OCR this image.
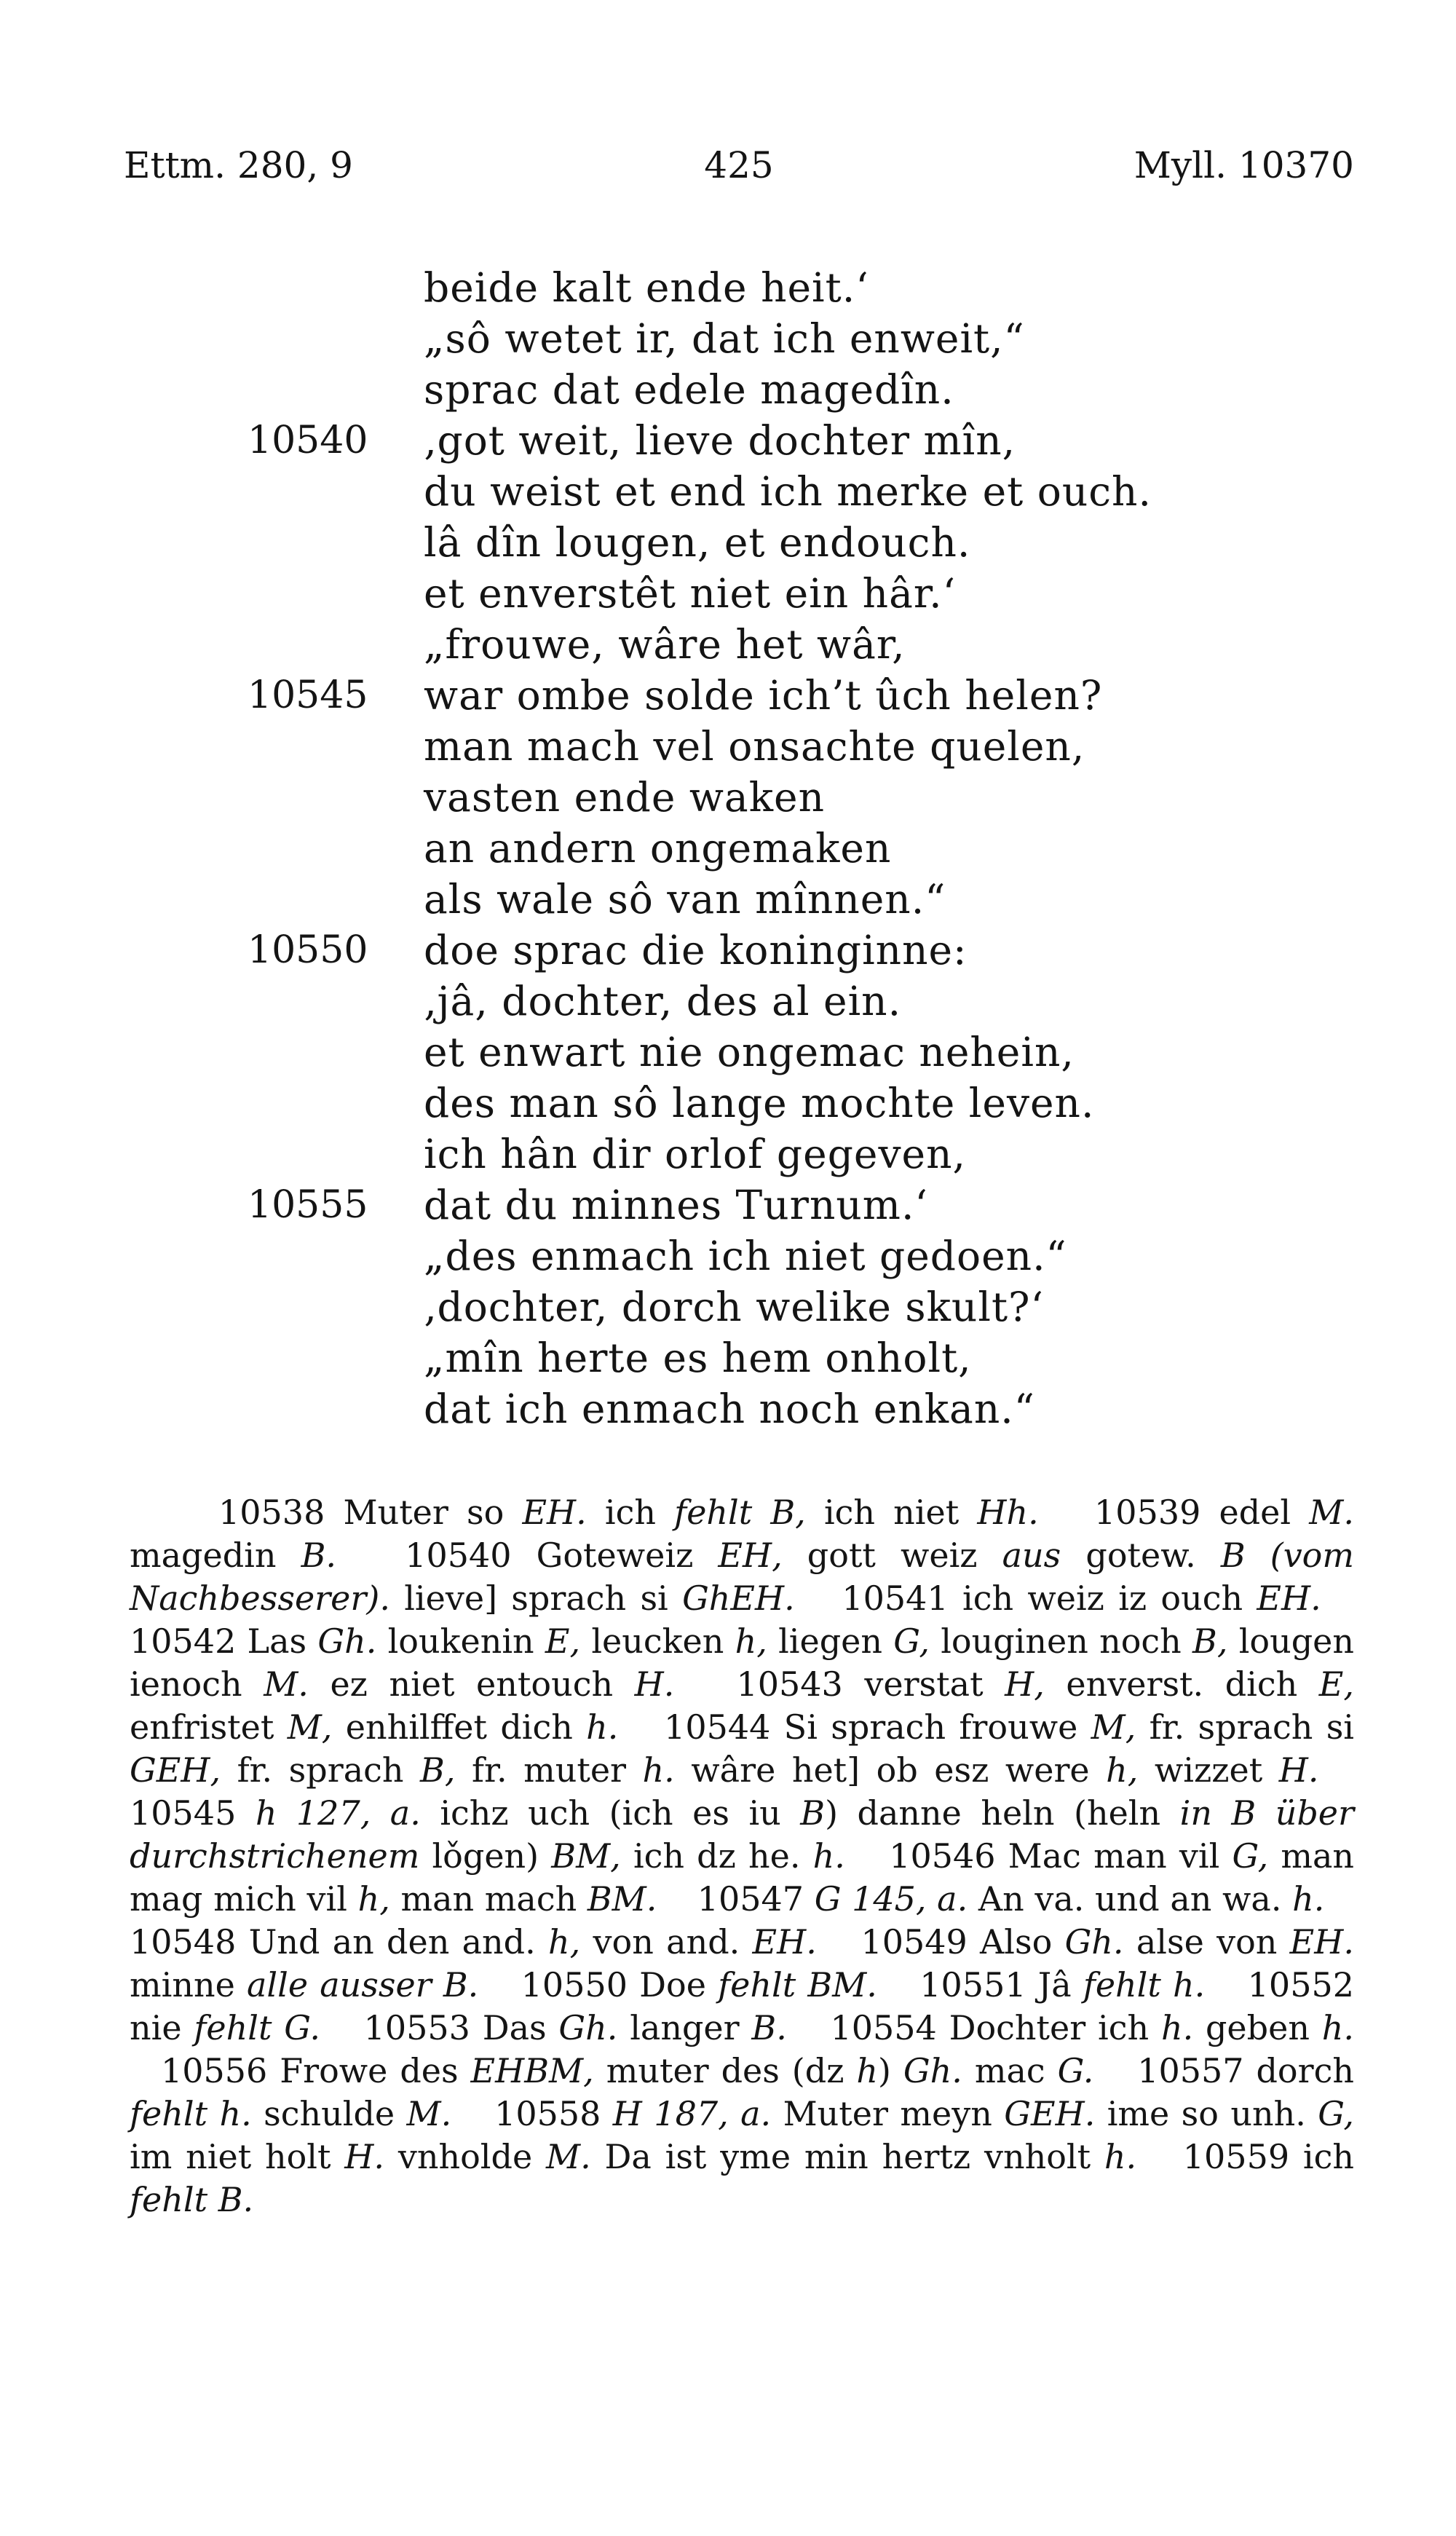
Ettm. 280, 9	425	Myll. 10370
beide kalt ende heit.‘
„sô wetet ir, dat ich enweit,“
sprac dat edele magedîn.
10540 ‚got weit, lieve dochter mîn,
du weist et end ich merke et ouch.
lâ dîn lougen, et endouch.
et enverstêt niet ein hâr.‘
„frouwe, wâre het wâr,
10545 war ombe solde ich’t ûch helen?
man mach vel onsachte quelen,
vasten ende waken
an andern ongemaken
als wale sô van mînnen.“
10550 doe sprac die koninginne:
‚jâ, dochter, des al ein.
et enwart nie ongemac nehein,
des man sô lange mochte leven.
ich hân dir orlof gegeven,
10555 dat du minnes Turnum.‘
„des enmach ich niet gedoen.“
‚dochter, dorch welike skult?‘
„mîn herte es hem onholt,
dat ich enmach noch enkan.“

10538 Muter so EH. ich fehlt B, ich niet Hh. 10539 edel M. magedin B. 10540 Goteweiz EH, gott weiz aus gotew. B (vom Nachbesserer). lieve] sprach si GhEH. 10541 ich weiz iz ouch EH.  10542 Las Gh. loukenin E, leucken h, liegen G, louginen noch B, lougen ienoch M. ez niet entouch H. 10543 verstat H, enverst. dich E, enfristet M, enhilffet dich h. 10544 Si sprach frouwe M, fr. sprach si GEH, fr. sprach B, fr. muter h. wâre het] ob esz were h, wizzet H.  10545 h 127, a. ichz uch (ich es iu B) danne heln (heln in B über durchstrichenem lǒgen) BM, ich dz he. h. 10546 Mac man vil G, man mag mich vil h, man mach BM. 10547 G 145, a. An va. und an wa. h.  10548 Und an den and. h, von and. EH. 10549 Also Gh. alse von EH. minne alle ausser B. 10550 Doe fehlt BM. 10551 Jâ fehlt h. 10552 nie fehlt G. 10553 Das Gh. langer B. 10554 Dochter ich h. geben h.  10556 Frowe des EHBM, muter des (dz h) Gh. mac G. 10557 dorch fehlt h. schulde M. 10558 H 187, a. Muter meyn GEH. ime so unh. G, im niet holt H. vnholde M. Da ist yme min hertz vnholt h. 10559 ich fehlt B.
